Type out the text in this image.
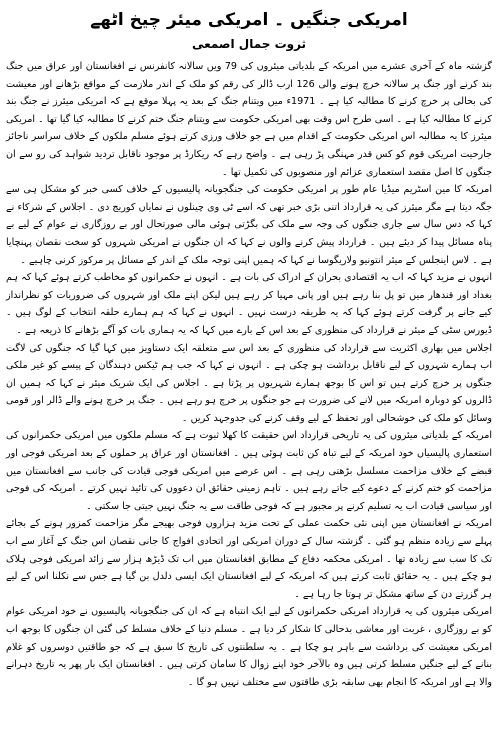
امریکی جنگیں ۔ امریکی میئر چیخ اٹھے
ثروت جمال اصمعی

گزشتہ ماہ کے آخری عشرے میں امریکہ کے بلدیاتی میئروں کی 79 ویں سالانہ کانفرنس نے افغانستان اور عراق میں جنگ بند کرنے اور جنگ پر سالانہ خرچ ہونے والی 126 ارب ڈالر کی رقم کو ملک کے اندر ملازمت کے مواقع بڑھانے اور معیشت کی بحالی پر خرچ کرنے کا مطالبہ کیا ہے ۔ 1971ء میں ویتنام جنگ کے بعد یہ پہلا موقع ہے کہ امریکی میئرز نے جنگ بند کرنے کا مطالبہ کیا ہے ۔ اسی طرح اس وقت بھی امریکی حکومت سے ویتنام جنگ ختم کرنے کا مطالبہ کیا گیا تھا ۔ امریکی میئرز کا یہ مطالبہ اس امریکی حکومت کے اقدام میں ہے جو خلاف ورزی کرتے ہوئے مسلم ملکوں کے خلاف سراسر ناجائز جارحیت امریکی قوم کو کس قدر مہنگی پڑ رہی ہے ۔ واضح رہے کہ ریکارڈ پر موجود ناقابل تردید شواہد کی رو سے ان جنگوں کا اصل مقصد استعماری عزائم اور منصوبوں کی تکمیل تھا ۔

امریکہ کا مین اسٹریم میڈیا عام طور پر امریکی حکومت کی جنگجویانہ پالیسیوں کے خلاف کسی خبر کو مشکل ہی سے جگہ دیتا ہے مگر میئرز کی یہ قرارداد اتنی بڑی خبر تھی کہ اسے ٹی وی چینلوں نے نمایاں کوریج دی ۔ اجلاس کے شرکاء نے کہا کہ دس سال سے جاری جنگوں کی وجہ سے ملک کی بگڑتی ہوئی مالی صورتحال اور بے روزگاری نے عوام کے لیے بے پناہ مسائل پیدا کر دیئے ہیں ۔ قرارداد پیش کرنے والوں نے کہا کہ ان جنگوں نے امریکی شہروں کو سخت نقصان پہنچایا ہے ۔ لاس اینجلس کے میئر انتونیو ولاریگوسا نے کہا کہ ہمیں اپنی توجہ ملک کے اندر کے مسائل پر مرکوز کرنی چاہیے ۔

انہوں نے مزید کہا کہ اب یہ اقتصادی بحران کے ادراک کی بات ہے ۔ انہوں نے حکمرانوں کو مخاطب کرتے ہوئے کہا کہ ہم بغداد اور قندھار میں تو پل بنا رہے ہیں اور پانی مہیا کر رہے ہیں لیکن اپنے ملک اور شہروں کی ضروریات کو نظرانداز کیے جانے پر گرفت کرتے ہوئے کہا کہ یہ طریقہ درست نہیں ۔ انہوں نے کہا کہ ہم ہمارے حلقہ انتخاب کے لوگ ہیں ۔ ڈیورس سٹی کے میئر نے قرارداد کی منظوری کے بعد اس کے بارے میں کہا کہ یہ ہماری بات کو آگے بڑھانے کا ذریعہ ہے ۔

اجلاس میں بھاری اکثریت سے قرارداد کی منظوری کے بعد اس سے متعلقہ ایک دستاویز میں کہا گیا کہ جنگوں کی لاگت اب ہمارے شہروں کے لیے ناقابل برداشت ہو چکی ہے ۔ انہوں نے کہا کہ جب ہم ٹیکس دہندگان کے پیسے کو غیر ملکی جنگوں پر خرچ کرتے ہیں تو اس کا بوجھ ہمارے شہریوں پر پڑتا ہے ۔ اجلاس کی ایک شریک میئر نے کہا کہ ہمیں ان ڈالروں کو دوبارہ امریکہ میں لانے کی ضرورت ہے جو جنگوں پر خرچ ہو رہے ہیں ۔ جنگ پر خرچ ہونے والے ڈالر اور قومی وسائل کو ملک کی خوشحالی اور تحفظ کے لیے وقف کرنے کی جدوجہد کریں ۔

امریکہ کے بلدیاتی میئروں کی یہ تاریخی قرارداد اس حقیقت کا کھلا ثبوت ہے کہ مسلم ملکوں میں امریکی حکمرانوں کی استعماری پالیسیاں خود امریکہ کے لیے تباہ کن ثابت ہوئی ہیں ۔ افغانستان اور عراق پر حملوں کے بعد امریکی فوجی اور قبضے کے خلاف مزاحمت مسلسل بڑھتی رہی ہے ۔ اس عرصے میں امریکی فوجی قیادت کی جانب سے افغانستان میں مزاحمت کو ختم کرنے کے دعوے کیے جاتے رہے ہیں ۔ تاہم زمینی حقائق ان دعووں کی تائید نہیں کرتے ۔ امریکہ کی فوجی اور سیاسی قیادت اب یہ تسلیم کرنے پر مجبور ہے کہ فوجی طاقت سے یہ جنگ نہیں جیتی جا سکتی ۔

امریکہ نے افغانستان میں اپنی نئی حکمت عملی کے تحت مزید ہزاروں فوجی بھیجے مگر مزاحمت کمزور ہونے کے بجائے پہلے سے زیادہ منظم ہو گئی ۔ گزشتہ سال کے دوران امریکی اور اتحادی افواج کا جانی نقصان اس جنگ کے آغاز سے اب تک کا سب سے زیادہ تھا ۔ امریکی محکمہ دفاع کے مطابق افغانستان میں اب تک ڈیڑھ ہزار سے زائد امریکی فوجی ہلاک ہو چکے ہیں ۔ یہ حقائق ثابت کرتے ہیں کہ امریکہ کے لیے افغانستان ایک ایسی دلدل بن گیا ہے جس سے نکلنا اس کے لیے ہر گزرتے دن کے ساتھ مشکل تر ہوتا جا رہا ہے ۔

امریکی میئروں کی یہ قرارداد امریکی حکمرانوں کے لیے ایک انتباہ ہے کہ ان کی جنگجویانہ پالیسیوں نے خود امریکی عوام کو بے روزگاری ، غربت اور معاشی بدحالی کا شکار کر دیا ہے ۔ مسلم دنیا کے خلاف مسلط کی گئی ان جنگوں کا بوجھ اب امریکی معیشت کی برداشت سے باہر ہو چکا ہے ۔ یہ سلطنتوں کی تاریخ کا سبق ہے کہ جو طاقتیں دوسروں کو غلام بنانے کے لیے جنگیں مسلط کرتی ہیں وہ بالآخر خود اپنے زوال کا سامان کرتی ہیں ۔ افغانستان ایک بار پھر یہ تاریخ دہرانے والا ہے اور امریکہ کا انجام بھی سابقہ بڑی طاقتوں سے مختلف نہیں ہو گا ۔
